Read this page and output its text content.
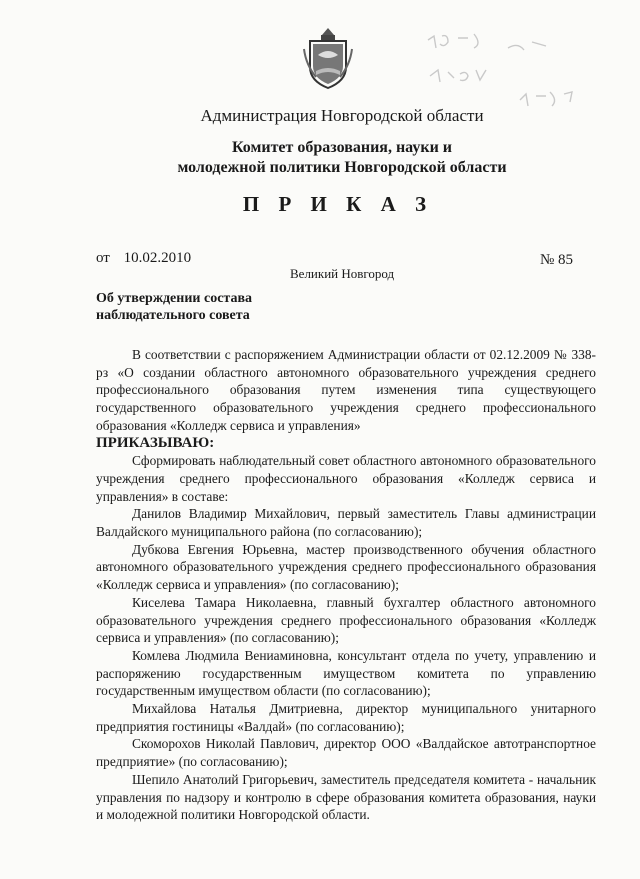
Администрация Новгородской области
Комитет образования, науки и
молодежной политики Новгородской области
П Р И К А З
от 10.02.2010	№ 85
Великий Новгород
Об утверждении состава
наблюдательного совета

В соответствии с распоряжением Администрации области от 02.12.2009 № 338-рз «О создании областного автономного образовательного учреждения среднего профессионального образования путем изменения типа существующего государственного образовательного учреждения среднего профессионального образования «Колледж сервиса и управления»

ПРИКАЗЫВАЮ:

Сформировать наблюдательный совет областного автономного образовательного учреждения среднего профессионального образования «Колледж сервиса и управления» в составе:

Данилов Владимир Михайлович, первый заместитель Главы администрации Валдайского муниципального района (по согласованию);

Дубкова Евгения Юрьевна, мастер производственного обучения областного автономного образовательного учреждения среднего профессионального образования «Колледж сервиса и управления» (по согласованию);

Киселева Тамара Николаевна, главный бухгалтер областного автономного образовательного учреждения среднего профессионального образования «Колледж сервиса и управления» (по согласованию);

Комлева Людмила Вениаминовна, консультант отдела по учету, управлению и распоряжению государственным имуществом комитета по управлению государственным имуществом области (по согласованию);

Михайлова Наталья Дмитриевна, директор муниципального унитарного предприятия гостиницы «Валдай» (по согласованию);

Скоморохов Николай Павлович, директор ООО «Валдайское автотранспортное предприятие» (по согласованию);

Шепило Анатолий Григорьевич, заместитель председателя комитета - начальник управления по надзору и контролю в сфере образования комитета образования, науки и молодежной политики Новгородской области.
